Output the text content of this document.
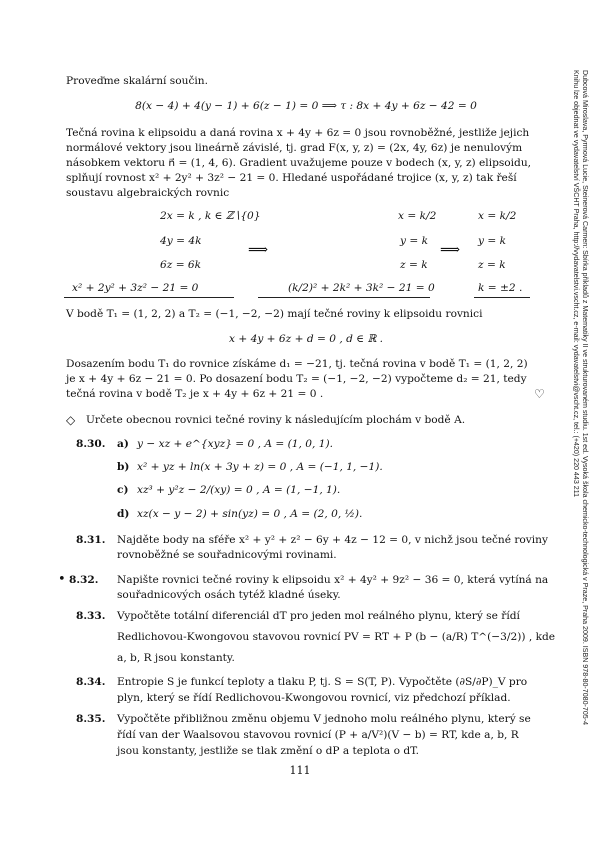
Dubcová Miroslava, Pyrmová Lucie, Steinerová Carmen: Sbírka příkladů z Matematiky II ve strukturovaném studiu. 1st ed. Vysoká škola chemicko-technologická v Praze, Praha 2009. ISBN 978-80-7080-705-4
Knihu lze objednat ve vydavatelství VŠCHT Praha, http://vydavatelstvi.vscht.cz, e-mail: vydavatelstvi@vscht.cz, tel.: (+420) 220 443 211
Proveďme skalární součin.
8(x − 4) + 4(y − 1) + 6(z − 1) = 0 ⟹ τ : 8x + 4y + 6z − 42 = 0
Tečná rovina k elipsoidu a daná rovina x + 4y + 6z = 0 jsou rovnoběžné, jestliže jejich
normálové vektory jsou lineárně závislé, tj. grad F(x, y, z) = (2x, 4y, 6z) je nenulovým
násobkem vektoru n⃗ = (1, 4, 6). Gradient uvažujeme pouze v bodech (x, y, z) elipsoidu,
splňují rovnost x² + 2y² + 3z² − 21 = 0. Hledané uspořádané trojice (x, y, z) tak řeší
soustavu algebraických rovnic
2x = k , k ∈ ℤ∖{0}
4y = 4k
6z = 6k
x² + 2y² + 3z² − 21 = 0
⟹
x = k/2
y = k
z = k
(k/2)² + 2k² + 3k² − 21 = 0
⟹
x = k/2
y = k
z = k
k = ±2 .
V bodě T₁ = (1, 2, 2) a T₂ = (−1, −2, −2) mají tečné roviny k elipsoidu rovnici
x + 4y + 6z + d = 0 , d ∈ ℝ .
Dosazením bodu T₁ do rovnice získáme d₁ = −21, tj. tečná rovina v bodě T₁ = (1, 2, 2)
je x + 4y + 6z − 21 = 0. Po dosazení bodu T₂ = (−1, −2, −2) vypočteme d₂ = 21, tedy
tečná rovina v bodě T₂ je x + 4y + 6z + 21 = 0 .	♡
◇ Určete obecnou rovnici tečné roviny k následujícím plochám v bodě A.
8.30. a) y − xz + e^{xyz} = 0 , A = (1, 0, 1).
b) x² + yz + ln(x + 3y + z) = 0 , A = (−1, 1, −1).
c) xz³ + y²z − 2/(xy) = 0 , A = (1, −1, 1).
d) xz(x − y − 2) + sin(yz) = 0 , A = (2, 0, ½).
8.31. Najděte body na sféře x² + y² + z² − 6y + 4z − 12 = 0, v nichž jsou tečné roviny
rovnoběžné se souřadnicovými rovinami.
• 8.32. Napište rovnici tečné roviny k elipsoidu x² + 4y² + 9z² − 36 = 0, která vytíná na
souřadnicových osách tytéž kladné úseky.
8.33. Vypočtěte totální diferenciál dT pro jeden mol reálného plynu, který se řídí
Redlichovou-Kwongovou stavovou rovnicí PV = RT + P (b − (a/R) T^(−3/2)) , kde
a, b, R jsou konstanty.
8.34. Entropie S je funkcí teploty a tlaku P, tj. S = S(T, P). Vypočtěte (∂S/∂P)_V pro
plyn, který se řídí Redlichovou-Kwongovou rovnicí, viz předchozí příklad.
8.35. Vypočtěte přibližnou změnu objemu V jednoho molu reálného plynu, který se
řídí van der Waalsovou stavovou rovnicí (P + a/V²)(V − b) = RT, kde a, b, R
jsou konstanty, jestliže se tlak změní o dP a teplota o dT.
111
